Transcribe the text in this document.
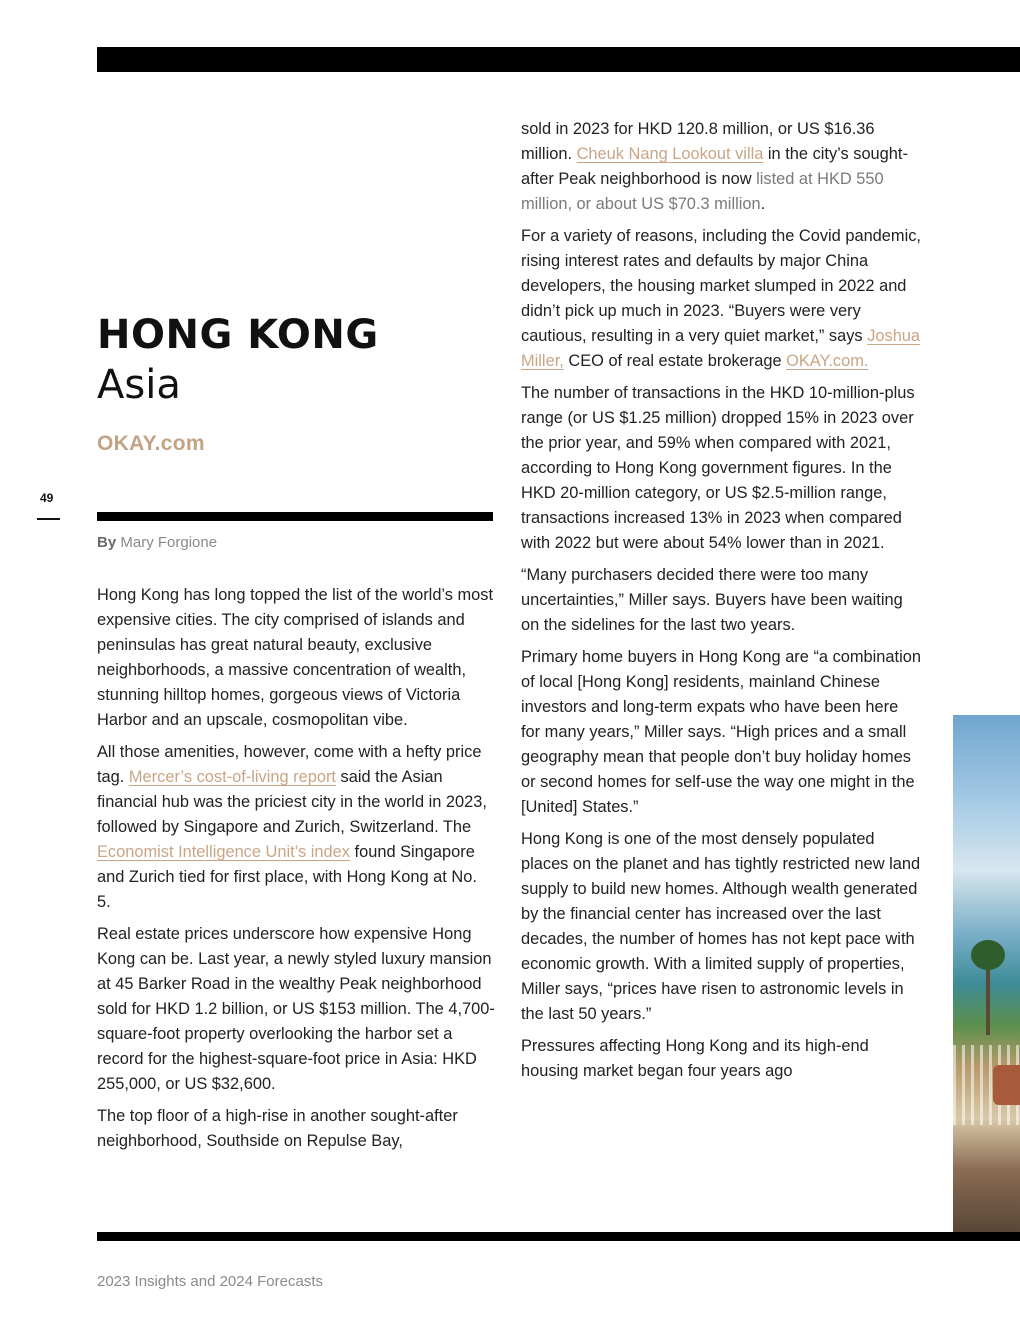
HONG KONG
Asia
OKAY.com
49
By Mary Forgione

Hong Kong has long topped the list of the world’s most expensive cities. The city comprised of islands and peninsulas has great natural beauty, exclusive neighborhoods, a massive concentration of wealth, stunning hilltop homes, gorgeous views of Victoria Harbor and an upscale, cosmopolitan vibe.

All those amenities, however, come with a hefty price tag. Mercer’s cost-of-living report said the Asian financial hub was the priciest city in the world in 2023, followed by Singapore and Zurich, Switzerland. The Economist Intelligence Unit’s index found Singapore and Zurich tied for first place, with Hong Kong at No. 5.

Real estate prices underscore how expensive Hong Kong can be. Last year, a newly styled luxury mansion at 45 Barker Road in the wealthy Peak neighborhood sold for HKD 1.2 billion, or US $153 million. The 4,700-square-foot property overlooking the harbor set a record for the highest-square-foot price in Asia: HKD 255,000, or US $32,600.

The top floor of a high-rise in another sought-after neighborhood, Southside on Repulse Bay,

sold in 2023 for HKD 120.8 million, or US $16.36 million. Cheuk Nang Lookout villa in the city’s sought-after Peak neighborhood is now listed at HKD 550 million, or about US $70.3 million.

For a variety of reasons, including the Covid pandemic, rising interest rates and defaults by major China developers, the housing market slumped in 2022 and didn’t pick up much in 2023. “Buyers were very cautious, resulting in a very quiet market,” says Joshua Miller, CEO of real estate brokerage OKAY.com.

The number of transactions in the HKD 10-million-plus range (or US $1.25 million) dropped 15% in 2023 over the prior year, and 59% when compared with 2021, according to Hong Kong government figures. In the HKD 20-million category, or US $2.5-million range, transactions increased 13% in 2023 when compared with 2022 but were about 54% lower than in 2021.

“Many purchasers decided there were too many uncertainties,” Miller says. Buyers have been waiting on the sidelines for the last two years.

Primary home buyers in Hong Kong are “a combination of local [Hong Kong] residents, mainland Chinese investors and long-term expats who have been here for many years,” Miller says. “High prices and a small geography mean that people don’t buy holiday homes or second homes for self-use the way one might in the [United] States.”

Hong Kong is one of the most densely populated places on the planet and has tightly restricted new land supply to build new homes. Although wealth generated by the financial center has increased over the last decades, the number of homes has not kept pace with economic growth. With a limited supply of properties, Miller says, “prices have risen to astronomic levels in the last 50 years.”

Pressures affecting Hong Kong and its high-end housing market began four years ago

2023 Insights and 2024 Forecasts
